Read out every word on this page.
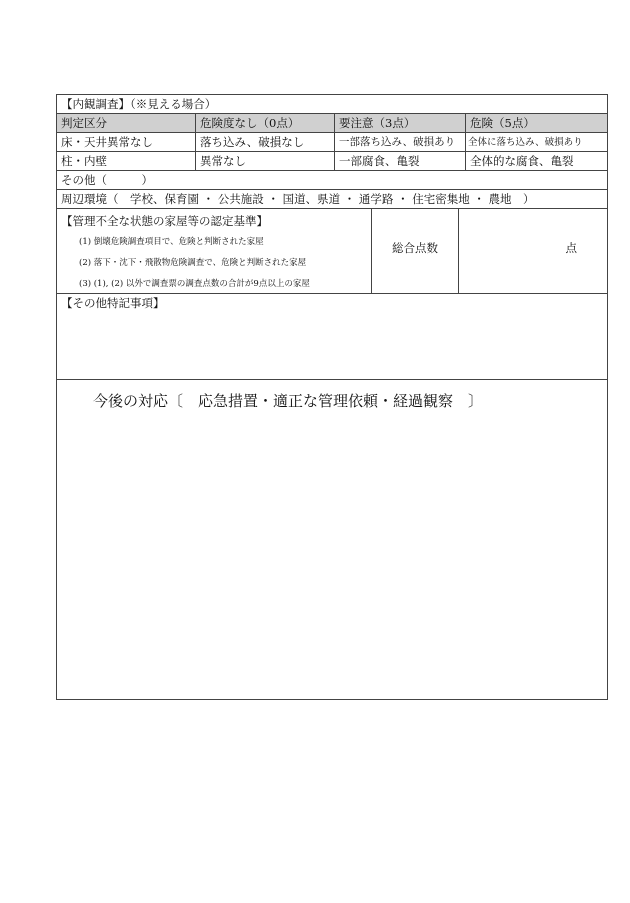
【内観調査】（※見える場合）
判定区分	危険度なし（0点）	要注意（3点）	危険（5点）
床・天井異常なし	落ち込み、破損なし	一部落ち込み、破損あり	全体に落ち込み、破損あり
柱・内壁	異常なし	一部腐食、亀裂	全体的な腐食、亀裂
その他（　　　）
周辺環境（　学校、保育園 ・ 公共施設 ・ 国道、県道 ・ 通学路 ・ 住宅密集地 ・ 農地　）
【管理不全な状態の家屋等の認定基準】
(1) 倒壊危険調査項目で、危険と判断された家屋
(2) 落下・沈下・飛散物危険調査で、危険と判断された家屋
(3) (1), (2) 以外で調査票の調査点数の合計が9点以上の家屋
総合点数	点
【その他特記事項】
今後の対応〔　応急措置・適正な管理依頼・経過観察　〕
